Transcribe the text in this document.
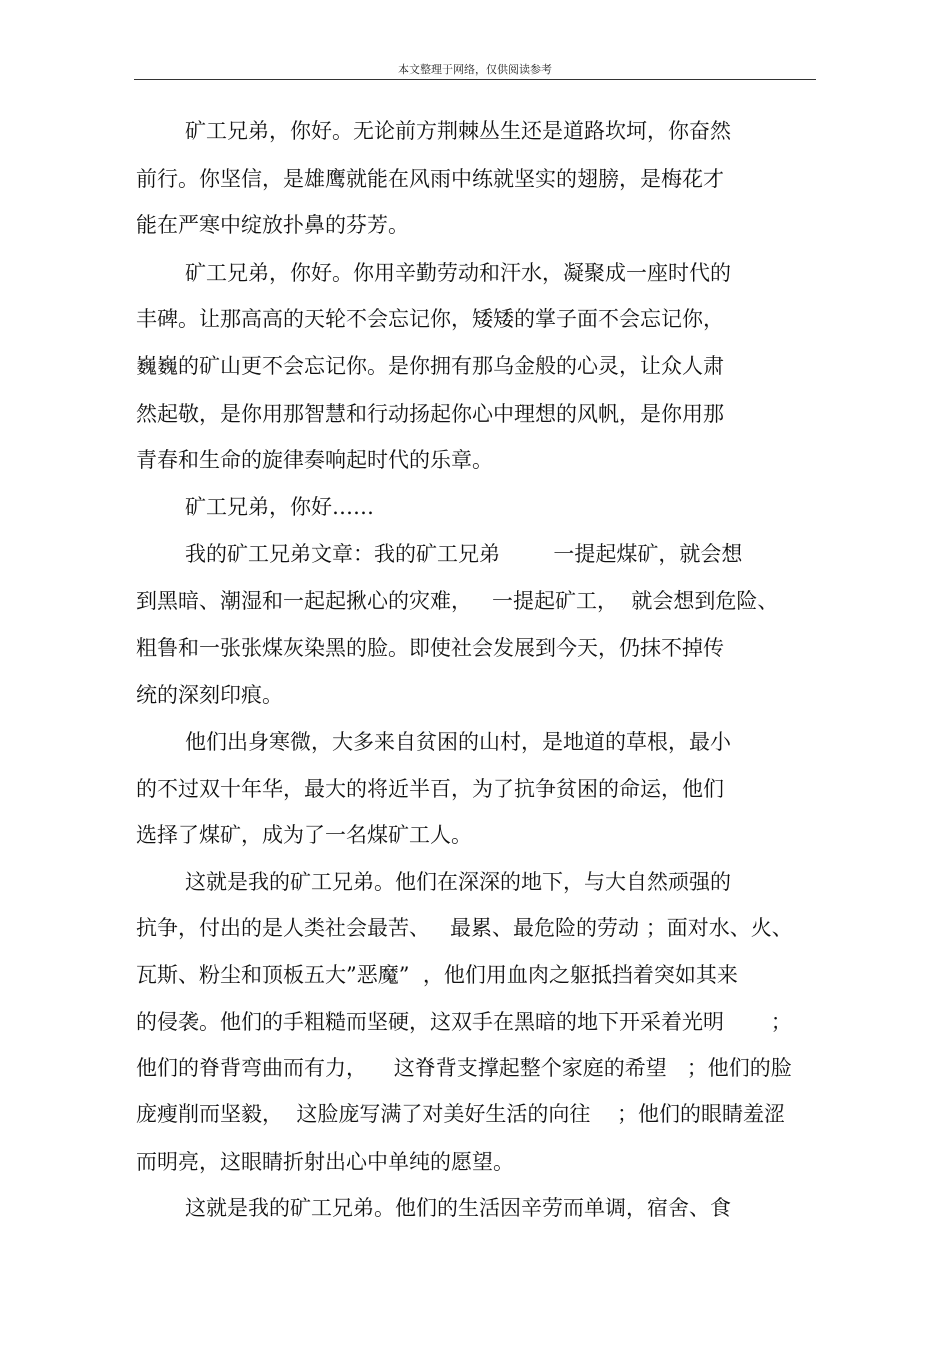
本文整理于网络，仅供阅读参考
矿工兄弟，你好。无论前方荆棘丛生还是道路坎坷，你奋然
前行。你坚信，是雄鹰就能在风雨中练就坚实的翅膀，是梅花才
能在严寒中绽放扑鼻的芬芳。
矿工兄弟，你好。你用辛勤劳动和汗水，凝聚成一座时代的
丰碑。让那高高的天轮不会忘记你，矮矮的掌子面不会忘记你，
巍巍的矿山更不会忘记你。是你拥有那乌金般的心灵，让众人肃
然起敬，是你用那智慧和行动扬起你心中理想的风帆，是你用那
青春和生命的旋律奏响起时代的乐章。
矿工兄弟，你好……
我的矿工兄弟文章：我的矿工兄弟        一提起煤矿，就会想
到黑暗、潮湿和一起起揪心的灾难，   一提起矿工，  就会想到危险、
粗鲁和一张张煤灰染黑的脸。即使社会发展到今天，仍抹不掉传
统的深刻印痕。
他们出身寒微，大多来自贫困的山村，是地道的草根，最小
的不过双十年华，最大的将近半百，为了抗争贫困的命运，他们
选择了煤矿，成为了一名煤矿工人。
这就是我的矿工兄弟。他们在深深的地下，与大自然顽强的
抗争，付出的是人类社会最苦、   最累、最危险的劳动 ；面对水、火、
瓦斯、粉尘和顶板五大”恶魔”  ，他们用血肉之躯抵挡着突如其来
的侵袭。他们的手粗糙而坚硬，这双手在黑暗的地下开采着光明       ；
他们的脊背弯曲而有力，    这脊背支撑起整个家庭的希望   ；他们的脸
庞瘦削而坚毅，  这脸庞写满了对美好生活的向往    ；他们的眼睛羞涩
而明亮，这眼睛折射出心中单纯的愿望。
这就是我的矿工兄弟。他们的生活因辛劳而单调，宿舍、食
